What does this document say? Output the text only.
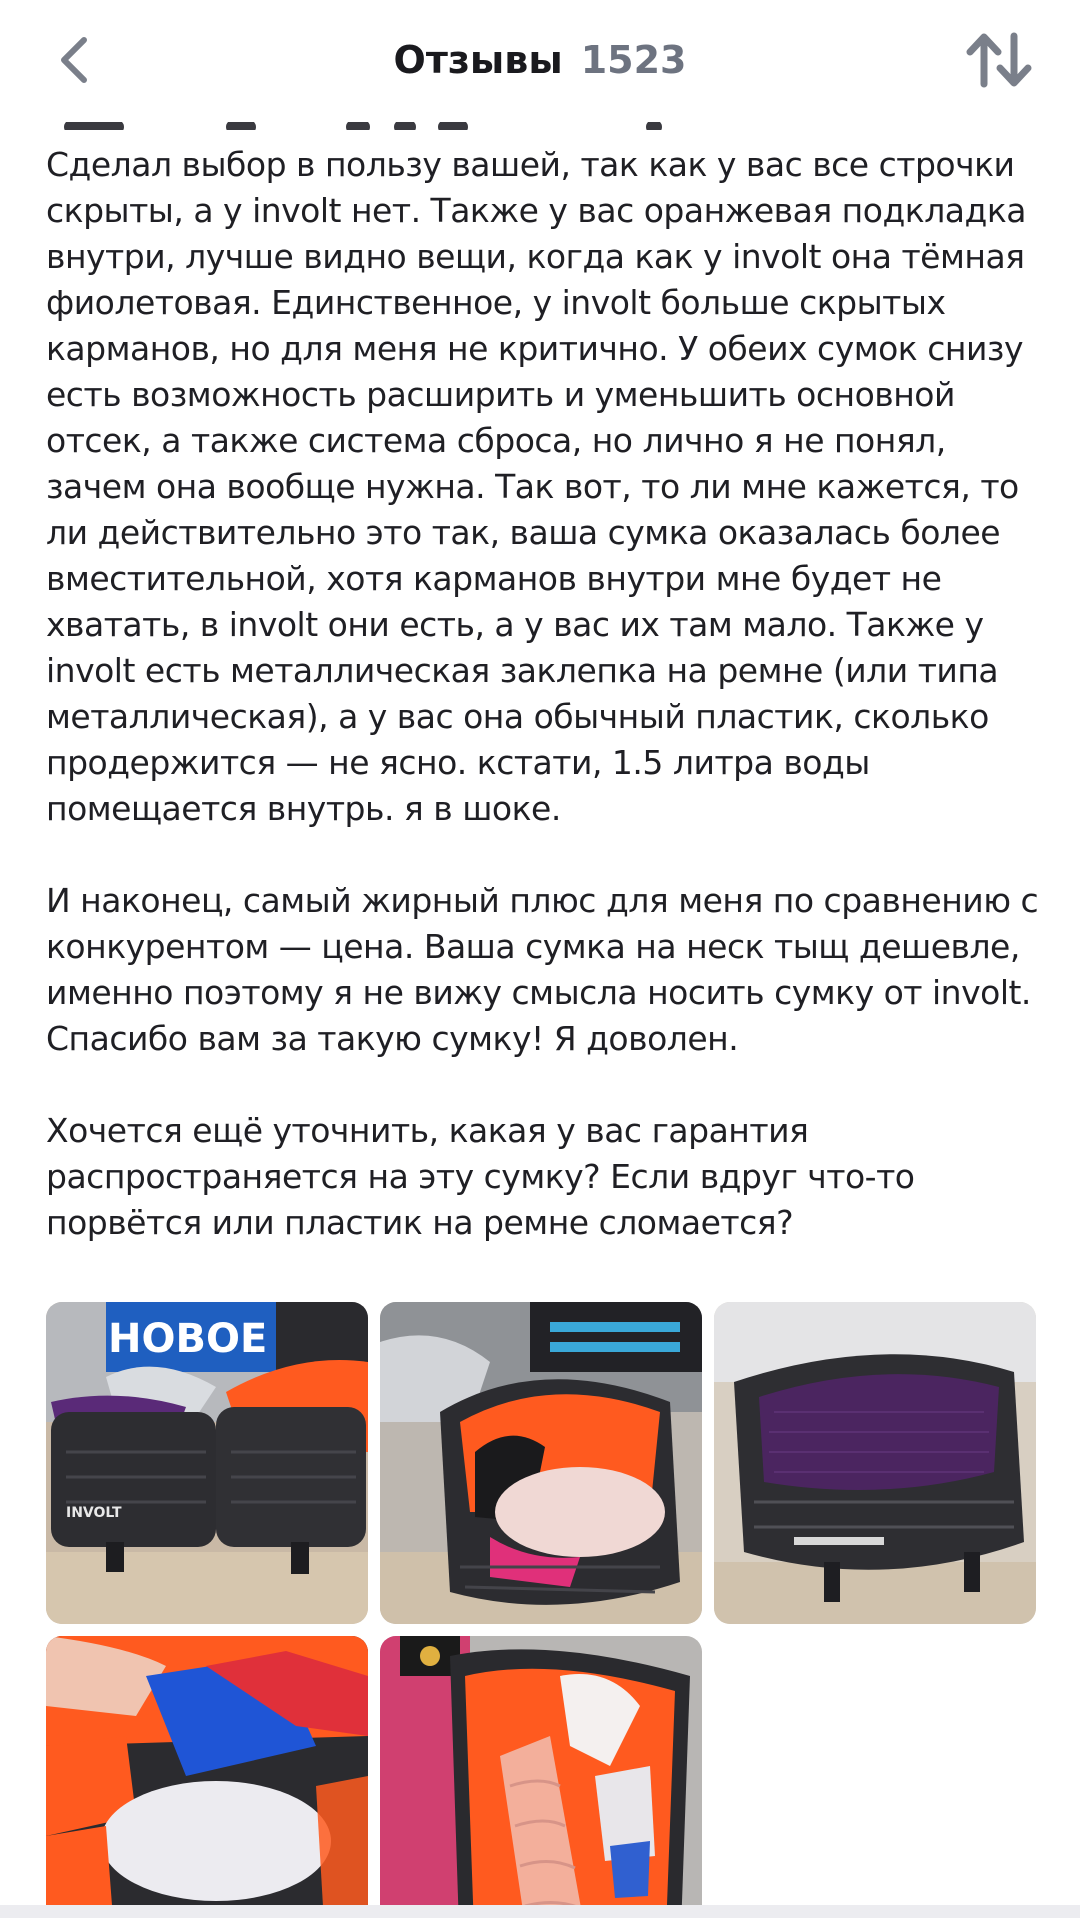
Отзывы 1523

Сделал выбор в пользу вашей, так как у вас все строчки скрыты, а у involt нет. Также у вас оранжевая подкладка внутри, лучше видно вещи, когда как у involt она тёмная фиолетовая. Единственное, у involt больше скрытых карманов, но для меня не критично. У обеих сумок снизу есть возможность расширить и уменьшить основной отсек, а также система сброса, но лично я не понял, зачем она вообще нужна. Так вот, то ли мне кажется, то ли действительно это так, ваша сумка оказалась более вместительной, хотя карманов внутри мне будет не хватать, в involt они есть, а у вас их там мало. Также у involt есть металлическая заклепка на ремне (или типа металлическая), а у вас она обычный пластик, сколько продержится — не ясно. кстати, 1.5 литра воды помещается внутрь. я в шоке.

И наконец, самый жирный плюс для меня по сравнению с конкурентом — цена. Ваша сумка на неск тыщ дешевле, именно поэтому я не вижу смысла носить сумку от involt. Спасибо вам за такую сумку! Я доволен.

Хочется ещё уточнить, какая у вас гарантия распространяется на эту сумку? Если вдруг что-то порвётся или пластик на ремне сломается?

НОВОЕ
INVOLT
